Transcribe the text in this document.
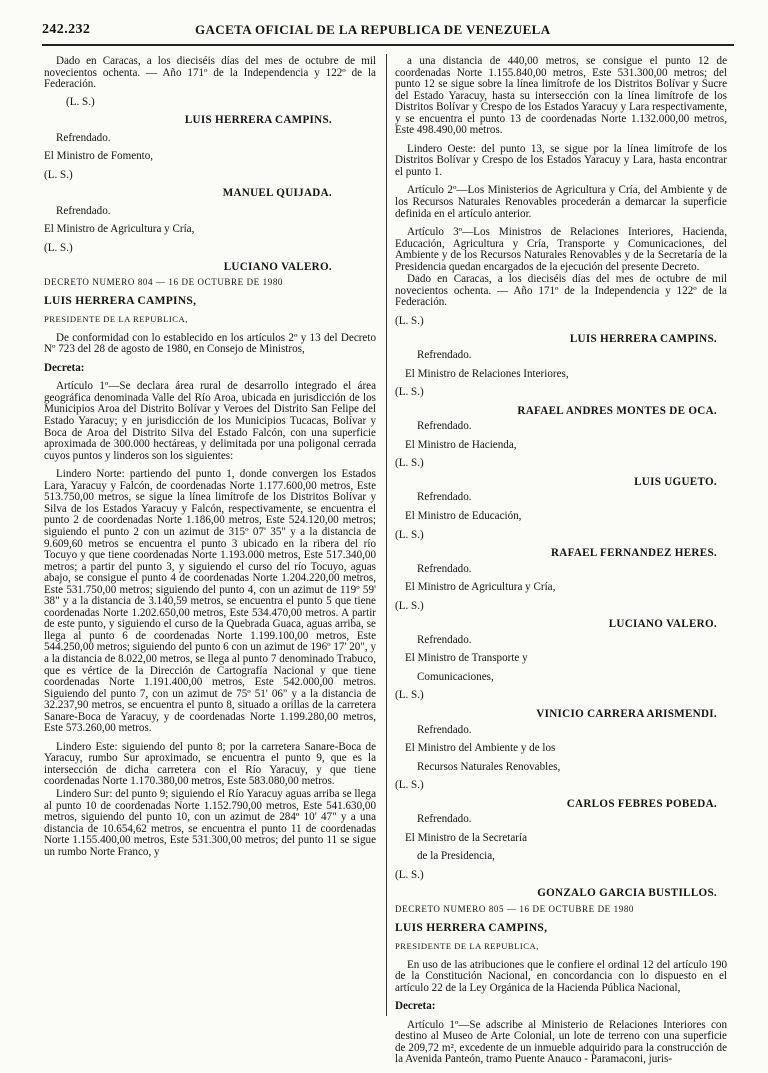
242.232	GACETA OFICIAL DE LA REPUBLICA DE VENEZUELA

Dado en Caracas, a los dieciséis días del mes de octubre de mil novecientos ochenta. — Año 171º de la Independencia y 122º de la Federación.

(L. S.)

LUIS HERRERA CAMPINS.

Refrendado.

El Ministro de Fomento,

(L. S.)

MANUEL QUIJADA.

Refrendado.

El Ministro de Agricultura y Cría,

(L. S.)

LUCIANO VALERO.

DECRETO NUMERO 804 — 16 DE OCTUBRE DE 1980

LUIS HERRERA CAMPINS,

PRESIDENTE DE LA REPUBLICA,

De conformidad con lo establecido en los artículos 2º y 13 del Decreto Nº 723 del 28 de agosto de 1980, en Consejo de Ministros,

Decreta:

Artículo 1º—Se declara área rural de desarrollo integrado el área geográfica denominada Valle del Río Aroa, ubicada en jurisdicción de los Municipios Aroa del Distrito Bolívar y Veroes del Distrito San Felipe del Estado Yaracuy; y en jurisdicción de los Municipios Tucacas, Bolívar y Boca de Aroa del Distrito Silva del Estado Falcón, con una superficie aproximada de 300.000 hectáreas, y delimitada por una poligonal cerrada cuyos puntos y linderos son los siguientes:

Lindero Norte: partiendo del punto 1, donde convergen los Estados Lara, Yaracuy y Falcón, de coordenadas Norte 1.177.600,00 metros, Este 513.750,00 metros, se sigue la línea limítrofe de los Distritos Bolívar y Silva de los Estados Yaracuy y Falcón, respectivamente, se encuentra el punto 2 de coordenadas Norte 1.186,00 metros, Este 524.120,00 metros; siguiendo el punto 2 con un azimut de 315º 07' 35" y a la distancia de 9.609,60 metros se encuentra el punto 3 ubicado en la ribera del río Tocuyo y que tiene coordenadas Norte 1.193.000 metros, Este 517.340,00 metros; a partir del punto 3, y siguiendo el curso del río Tocuyo, aguas abajo, se consigue el punto 4 de coordenadas Norte 1.204.220,00 metros, Este 531.750,00 metros; siguiendo del punto 4, con un azimut de 119º 59' 38" y a la distancia de 3.140,59 metros, se encuentra el punto 5 que tiene coordenadas Norte 1.202.650,00 metros, Este 534.470,00 metros. A partir de este punto, y siguiendo el curso de la Quebrada Guaca, aguas arriba, se llega al punto 6 de coordenadas Norte 1.199.100,00 metros, Este 544.250,00 metros; siguiendo del punto 6 con un azimut de 196º 17' 20", y a la distancia de 8.022,00 metros, se llega al punto 7 denominado Trabuco, que es vértice de la Dirección de Cartografía Nacional y que tiene coordenadas Norte 1.191.400,00 metros, Este 542.000,00 metros. Siguiendo del punto 7, con un azimut de 75º 51' 06" y a la distancia de 32.237,90 metros, se encuentra el punto 8, situado a orillas de la carretera Sanare-Boca de Yaracuy, y de coordenadas Norte 1.199.280,00 metros, Este 573.260,00 metros.

Lindero Este: siguiendo del punto 8; por la carretera Sanare-Boca de Yaracuy, rumbo Sur aproximado, se encuentra el punto 9, que es la intersección de dicha carretera con el Río Yaracuy, y que tiene coordenadas Norte 1.170.380,00 metros, Este 583.080,00 metros.

Lindero Sur: del punto 9; siguiendo el Río Yaracuy aguas arriba se llega al punto 10 de coordenadas Norte 1.152.790,00 metros, Este 541.630,00 metros, siguiendo del punto 10, con un azimut de 284º 10' 47" y a una distancia de 10.654,62 metros, se encuentra el punto 11 de coordenadas Norte 1.155.400,00 metros, Este 531.300,00 metros; del punto 11 se sigue un rumbo Norte Franco, y

a una distancia de 440,00 metros, se consigue el punto 12 de coordenadas Norte 1.155.840,00 metros, Este 531.300,00 metros; del punto 12 se sigue sobre la línea limítrofe de los Distritos Bolívar y Sucre del Estado Yaracuy, hasta su intersección con la línea limítrofe de los Distritos Bolívar y Crespo de los Estados Yaracuy y Lara respectivamente, y se encuentra el punto 13 de coordenadas Norte 1.132.000,00 metros, Este 498.490,00 metros.

Lindero Oeste: del punto 13, se sigue por la línea limítrofe de los Distritos Bolívar y Crespo de los Estados Yaracuy y Lara, hasta encontrar el punto 1.

Artículo 2º—Los Ministerios de Agricultura y Cría, del Ambiente y de los Recursos Naturales Renovables procederán a demarcar la superficie definida en el artículo anterior.

Artículo 3º—Los Ministros de Relaciones Interiores, Hacienda, Educación, Agricultura y Cría, Transporte y Comunicaciones, del Ambiente y de los Recursos Naturales Renovables y de la Secretaría de la Presidencia quedan encargados de la ejecución del presente Decreto.

Dado en Caracas, a los dieciséis días del mes de octubre de mil novecientos ochenta. — Año 171º de la Independencia y 122º de la Federación.

(L. S.)

LUIS HERRERA CAMPINS.

Refrendado.

El Ministro de Relaciones Interiores,

(L. S.)

RAFAEL ANDRES MONTES DE OCA.

Refrendado.

El Ministro de Hacienda,

(L. S.)

LUIS UGUETO.

Refrendado.

El Ministro de Educación,

(L. S.)

RAFAEL FERNANDEZ HERES.

Refrendado.

El Ministro de Agricultura y Cría,

(L. S.)

LUCIANO VALERO.

Refrendado.

El Ministro de Transporte y

Comunicaciones,

(L. S.)

VINICIO CARRERA ARISMENDI.

Refrendado.

El Ministro del Ambiente y de los

Recursos Naturales Renovables,

(L. S.)

CARLOS FEBRES POBEDA.

Refrendado.

El Ministro de la Secretaría

de la Presidencia,

(L. S.)

GONZALO GARCIA BUSTILLOS.

DECRETO NUMERO 805 — 16 DE OCTUBRE DE 1980

LUIS HERRERA CAMPINS,

PRESIDENTE DE LA REPUBLICA,

En uso de las atribuciones que le confiere el ordinal 12 del artículo 190 de la Constitución Nacional, en concordancia con lo dispuesto en el artículo 22 de la Ley Orgánica de la Hacienda Pública Nacional,

Decreta:

Artículo 1º—Se adscribe al Ministerio de Relaciones Interiores con destino al Museo de Arte Colonial, un lote de terreno con una superficie de 209,72 m², excedente de un inmueble adquirido para la construcción de la Avenida Panteón, tramo Puente Anauco - Paramaconi, juris-
